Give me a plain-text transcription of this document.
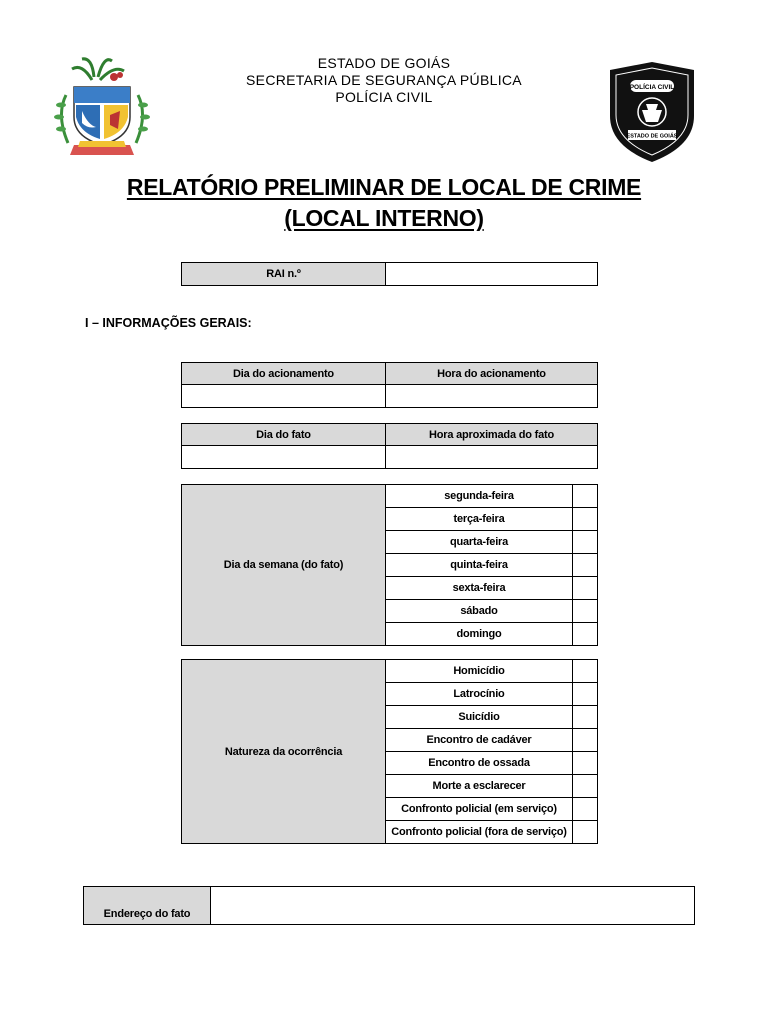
ESTADO DE GOIÁS
SECRETARIA DE SEGURANÇA PÚBLICA
POLÍCIA CIVIL
POLÍCIA CIVIL
ESTADO DE GOIÁS
RELATÓRIO PRELIMINAR DE LOCAL DE CRIME
(LOCAL INTERNO)
RAI n.º	
I – INFORMAÇÕES GERAIS:
Dia do acionamento	Hora do acionamento

Dia do fato	Hora aproximada do fato

Dia da semana (do fato)	segunda-feira	
	terça-feira	
	quarta-feira	
	quinta-feira	
	sexta-feira	
	sábado	
	domingo	
Natureza da ocorrência	Homicídio	
	Latrocínio	
	Suicídio	
	Encontro de cadáver	
	Encontro de ossada	
	Morte a esclarecer	
	Confronto policial (em serviço)	
	Confronto policial (fora de serviço)	
Endereço do fato	
